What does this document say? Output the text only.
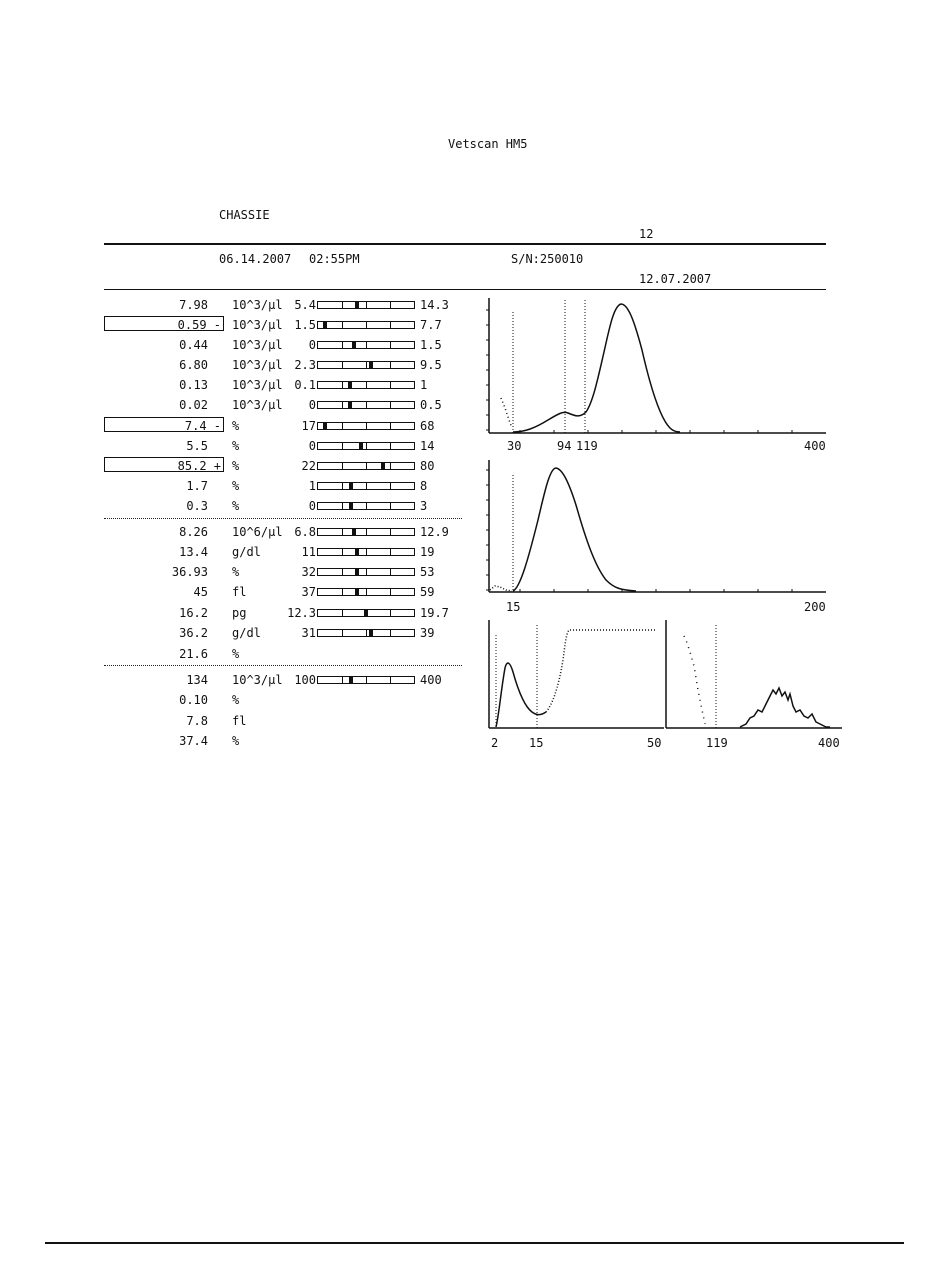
Vetscan HM5
CHASSIE
12
06.14.2007 02:55PM	S/N:250010
12.07.2007
7.98 10^3/µl 5.4	14.3
0.59 - 10^3/µl 1.5	7.7
0.44 10^3/µl 0	1.5
6.80 10^3/µl 2.3	9.5
0.13 10^3/µl 0.1	1
0.02 10^3/µl 0	0.5
7.4 - %	17	68
5.5 %	0	14
85.2 + %	22	80
1.7 %	1	8
0.3 %	0	3
8.26 10^6/µl 6.8	12.9
13.4 g/dl	11	19
36.93 %	32	53
45 fl	37	59
16.2 pg	12.3	19.7
36.2 g/dl	31	39
21.6 %
134 10^3/µl 100	400
0.10 %
7.8 fl
37.4 %
30	94 119	400
15	200
2	15	50	119	400
